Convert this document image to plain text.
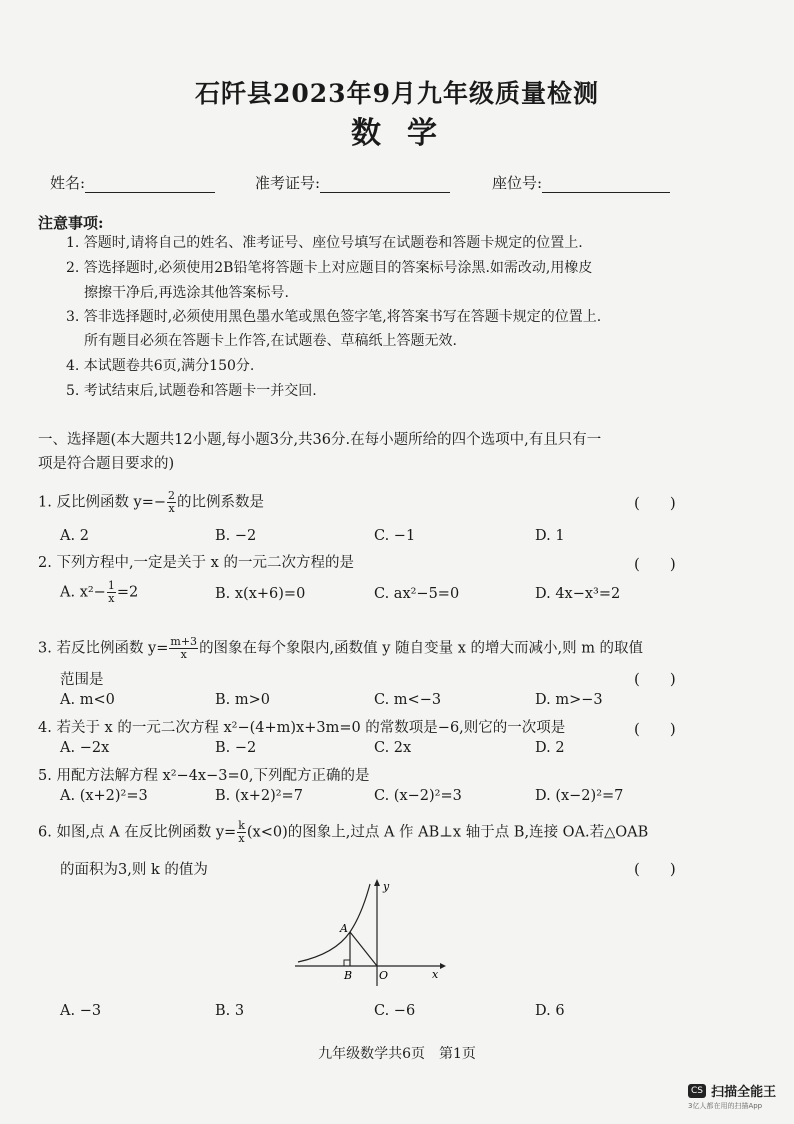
石阡县2023年9月九年级质量检测
数学
姓名:	准考证号:	座位号:
注意事项:
1. 答题时,请将自己的姓名、准考证号、座位号填写在试题卷和答题卡规定的位置上.
2. 答选择题时,必须使用2B铅笔将答题卡上对应题目的答案标号涂黑.如需改动,用橡皮
擦擦干净后,再选涂其他答案标号.
3. 答非选择题时,必须使用黑色墨水笔或黑色签字笔,将答案书写在答题卡规定的位置上.
所有题目必须在答题卡上作答,在试题卷、草稿纸上答题无效.
4. 本试题卷共6页,满分150分.
5. 考试结束后,试题卷和答题卡一并交回.
一、选择题(本大题共12小题,每小题3分,共36分.在每小题所给的四个选项中,有且只有一
项是符合题目要求的)
1. 反比例函数 $y=- \frac{2}{x}$ 的比例系数是	(　　)
A. 2	B. −2	C. −1	D. 1
2. 下列方程中,一定是关于 x 的一元二次方程的是	(　　)
A. $x^2- \frac{1}{x} =2$	B. x(x+6)=0	C. ax²−5=0	D. 4x−x³=2
3. 若反比例函数 $y= \frac{m+3}{x}$ 的图象在每个象限内,函数值 y 随自变量 x 的增大而减小,则 m 的取值
范围是	(　　)
A. m<0	B. m>0	C. m<−3	D. m>−3
4. 若关于 x 的一元二次方程 x²−(4+m)x+3m=0 的常数项是−6,则它的一次项是	(　　)
A. −2x	B. −2	C. 2x	D. 2
5. 用配方法解方程 x²−4x−3=0,下列配方正确的是
A. (x+2)²=3	B. (x+2)²=7	C. (x−2)²=3	D. (x−2)²=7
6. 如图,点 A 在反比例函数 $y= \frac{k}{x} (x<0)$的图象上,过点 A 作 AB⊥x 轴于点 B,连接 OA.若△OAB
的面积为3,则 k 的值为	(　　)
y
x
A
B O
A. −3	B. 3	C. −6	D. 6
九年级数学共6页　第1页
CS 扫描全能王
3亿人都在用的扫描App
